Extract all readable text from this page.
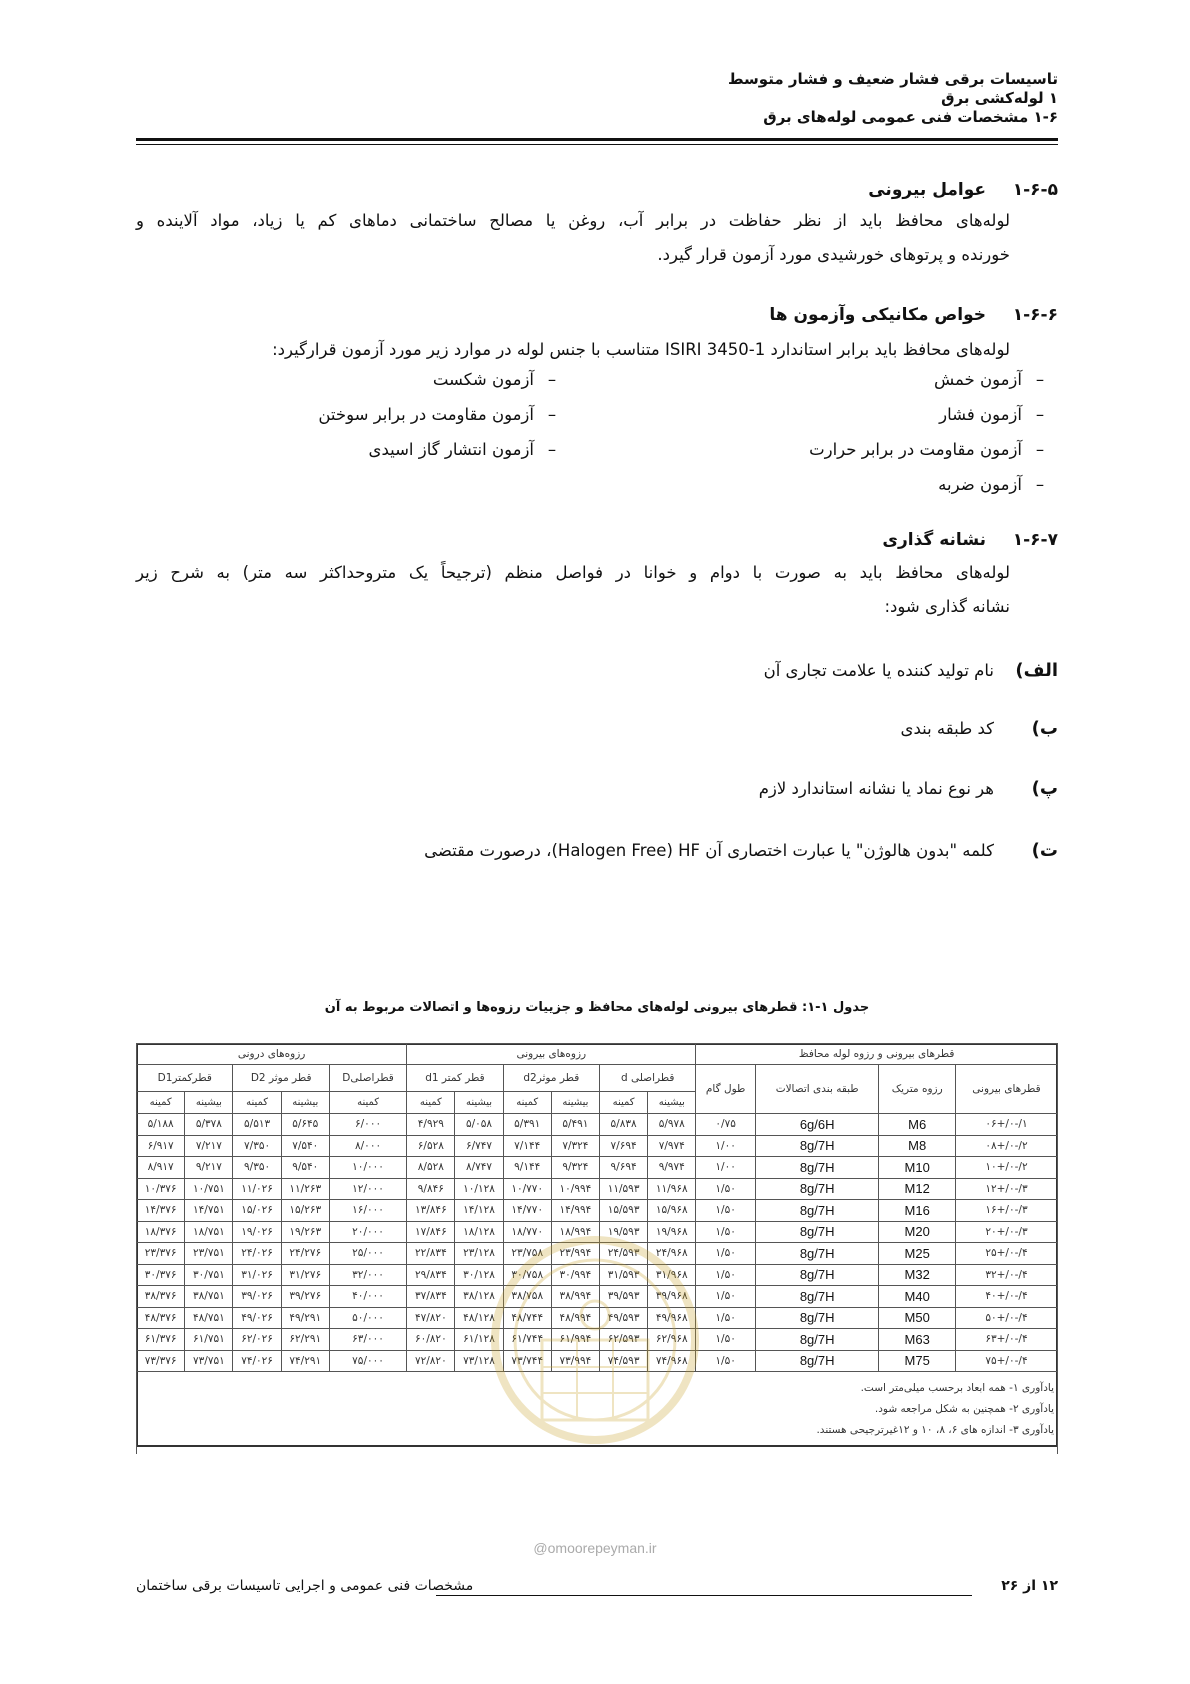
تاسیسات برقی فشار ضعیف و فشار متوسط
۱ لوله‌کشی برق
۱-۶ مشخصات فنی عمومی لوله‌های برق
۱-۶-۵عوامل بیرونی
لوله‌های محافظ باید از نظر حفاظت در برابر آب، روغن یا مصالح ساختمانی دماهای کم یا زیاد، مواد آلاینده و
خورنده و پرتوهای خورشیدی مورد آزمون قرار گیرد.
۱-۶-۶خواص مکانیکی وآزمون ها
لوله‌های محافظ باید برابر استاندارد ISIRI 3450-1 متناسب با جنس لوله در موارد زیر مورد آزمون قرارگیرد:
–آزمون خمش
–آزمون فشار
–آزمون مقاومت در برابر حرارت
–آزمون ضربه
–آزمون شکست
–آزمون مقاومت در برابر سوختن
–آزمون انتشار گاز اسیدی
۱-۶-۷نشانه گذاری
لوله‌های محافظ باید به صورت با دوام و خوانا در فواصل منظم (ترجیحاً یک متروحداکثر سه متر) به شرح زیر
نشانه گذاری شود:
الف)نام تولید کننده یا علامت تجاری آن
ب)کد طبقه بندی
پ)هر نوع نماد یا نشانه استاندارد لازم
ت)کلمه "بدون هالوژن" یا عبارت اختصاری آن Halogen Free) HF)، درصورت مقتضی
جدول ۱-۱: قطرهای بیرونی لوله‌های محافظ و جزییات رزوه‌ها و اتصالات مربوط به آن
قطرهای بیرونی و رزوه لوله محافظ				رزوه‌های بیرونی						رزوه‌های درونی				
قطرهای بیرونی	رزوه متریک	طبقه بندی اتصالات	طول گام	قطراصلی d		قطر موثرd2		قطر کمتر d1		قطراصلیD	قطر موثر D2		قطرکمترD1	
				بیشینه	کمینه	بیشینه	کمینه	بیشینه	کمینه	کمینه	بیشینه	کمینه	بیشینه	کمینه
۱/-۰/+۰۶	M6	6g/6H	۰/۷۵	۵/۹۷۸	۵/۸۳۸	۵/۴۹۱	۵/۳۹۱	۵/۰۵۸	۴/۹۲۹	۶/۰۰۰	۵/۶۴۵	۵/۵۱۳	۵/۳۷۸	۵/۱۸۸
۲/-۰/+۰۸	M8	8g/7H	۱/۰۰	۷/۹۷۴	۷/۶۹۴	۷/۳۲۴	۷/۱۴۴	۶/۷۴۷	۶/۵۲۸	۸/۰۰۰	۷/۵۴۰	۷/۳۵۰	۷/۲۱۷	۶/۹۱۷
۲/-۰/+۱۰	M10	8g/7H	۱/۰۰	۹/۹۷۴	۹/۶۹۴	۹/۳۲۴	۹/۱۴۴	۸/۷۴۷	۸/۵۲۸	۱۰/۰۰۰	۹/۵۴۰	۹/۳۵۰	۹/۲۱۷	۸/۹۱۷
۳/-۰/+۱۲	M12	8g/7H	۱/۵۰	۱۱/۹۶۸	۱۱/۵۹۳	۱۰/۹۹۴	۱۰/۷۷۰	۱۰/۱۲۸	۹/۸۴۶	۱۲/۰۰۰	۱۱/۲۶۳	۱۱/۰۲۶	۱۰/۷۵۱	۱۰/۳۷۶
۳/-۰/+۱۶	M16	8g/7H	۱/۵۰	۱۵/۹۶۸	۱۵/۵۹۳	۱۴/۹۹۴	۱۴/۷۷۰	۱۴/۱۲۸	۱۳/۸۴۶	۱۶/۰۰۰	۱۵/۲۶۳	۱۵/۰۲۶	۱۴/۷۵۱	۱۴/۳۷۶
۳/-۰/+۲۰	M20	8g/7H	۱/۵۰	۱۹/۹۶۸	۱۹/۵۹۳	۱۸/۹۹۴	۱۸/۷۷۰	۱۸/۱۲۸	۱۷/۸۴۶	۲۰/۰۰۰	۱۹/۲۶۳	۱۹/۰۲۶	۱۸/۷۵۱	۱۸/۳۷۶
۴/-۰/+۲۵	M25	8g/7H	۱/۵۰	۲۴/۹۶۸	۲۴/۵۹۳	۲۳/۹۹۴	۲۳/۷۵۸	۲۳/۱۲۸	۲۲/۸۳۴	۲۵/۰۰۰	۲۴/۲۷۶	۲۴/۰۲۶	۲۳/۷۵۱	۲۳/۳۷۶
۴/-۰/+۳۲	M32	8g/7H	۱/۵۰	۳۱/۹۶۸	۳۱/۵۹۳	۳۰/۹۹۴	۳۰/۷۵۸	۳۰/۱۲۸	۲۹/۸۳۴	۳۲/۰۰۰	۳۱/۲۷۶	۳۱/۰۲۶	۳۰/۷۵۱	۳۰/۳۷۶
۴/-۰/+۴۰	M40	8g/7H	۱/۵۰	۳۹/۹۶۸	۳۹/۵۹۳	۳۸/۹۹۴	۳۸/۷۵۸	۳۸/۱۲۸	۳۷/۸۳۴	۴۰/۰۰۰	۳۹/۲۷۶	۳۹/۰۲۶	۳۸/۷۵۱	۳۸/۳۷۶
۴/-۰/+۵۰	M50	8g/7H	۱/۵۰	۴۹/۹۶۸	۴۹/۵۹۳	۴۸/۹۹۴	۴۸/۷۴۴	۴۸/۱۲۸	۴۷/۸۲۰	۵۰/۰۰۰	۴۹/۲۹۱	۴۹/۰۲۶	۴۸/۷۵۱	۴۸/۳۷۶
۴/-۰/+۶۳	M63	8g/7H	۱/۵۰	۶۲/۹۶۸	۶۲/۵۹۳	۶۱/۹۹۴	۶۱/۷۴۴	۶۱/۱۲۸	۶۰/۸۲۰	۶۳/۰۰۰	۶۲/۲۹۱	۶۲/۰۲۶	۶۱/۷۵۱	۶۱/۳۷۶
۴/-۰/+۷۵	M75	8g/7H	۱/۵۰	۷۴/۹۶۸	۷۴/۵۹۳	۷۳/۹۹۴	۷۳/۷۴۴	۷۳/۱۲۸	۷۲/۸۲۰	۷۵/۰۰۰	۷۴/۲۹۱	۷۴/۰۲۶	۷۳/۷۵۱	۷۳/۳۷۶

یادآوری ۱- همه ابعاد برحسب میلی‌متر است.
یادآوری ۲- همچنین به شکل مراجعه شود.
یادآوری ۳- اندازه های ۶، ۸، ۱۰ و ۱۲غیرترجیحی هستند.
@omoorepeyman.ir
۱۲ از ۲۶
مشخصات فنی عمومی و اجرایی تاسیسات برقی ساختمان
